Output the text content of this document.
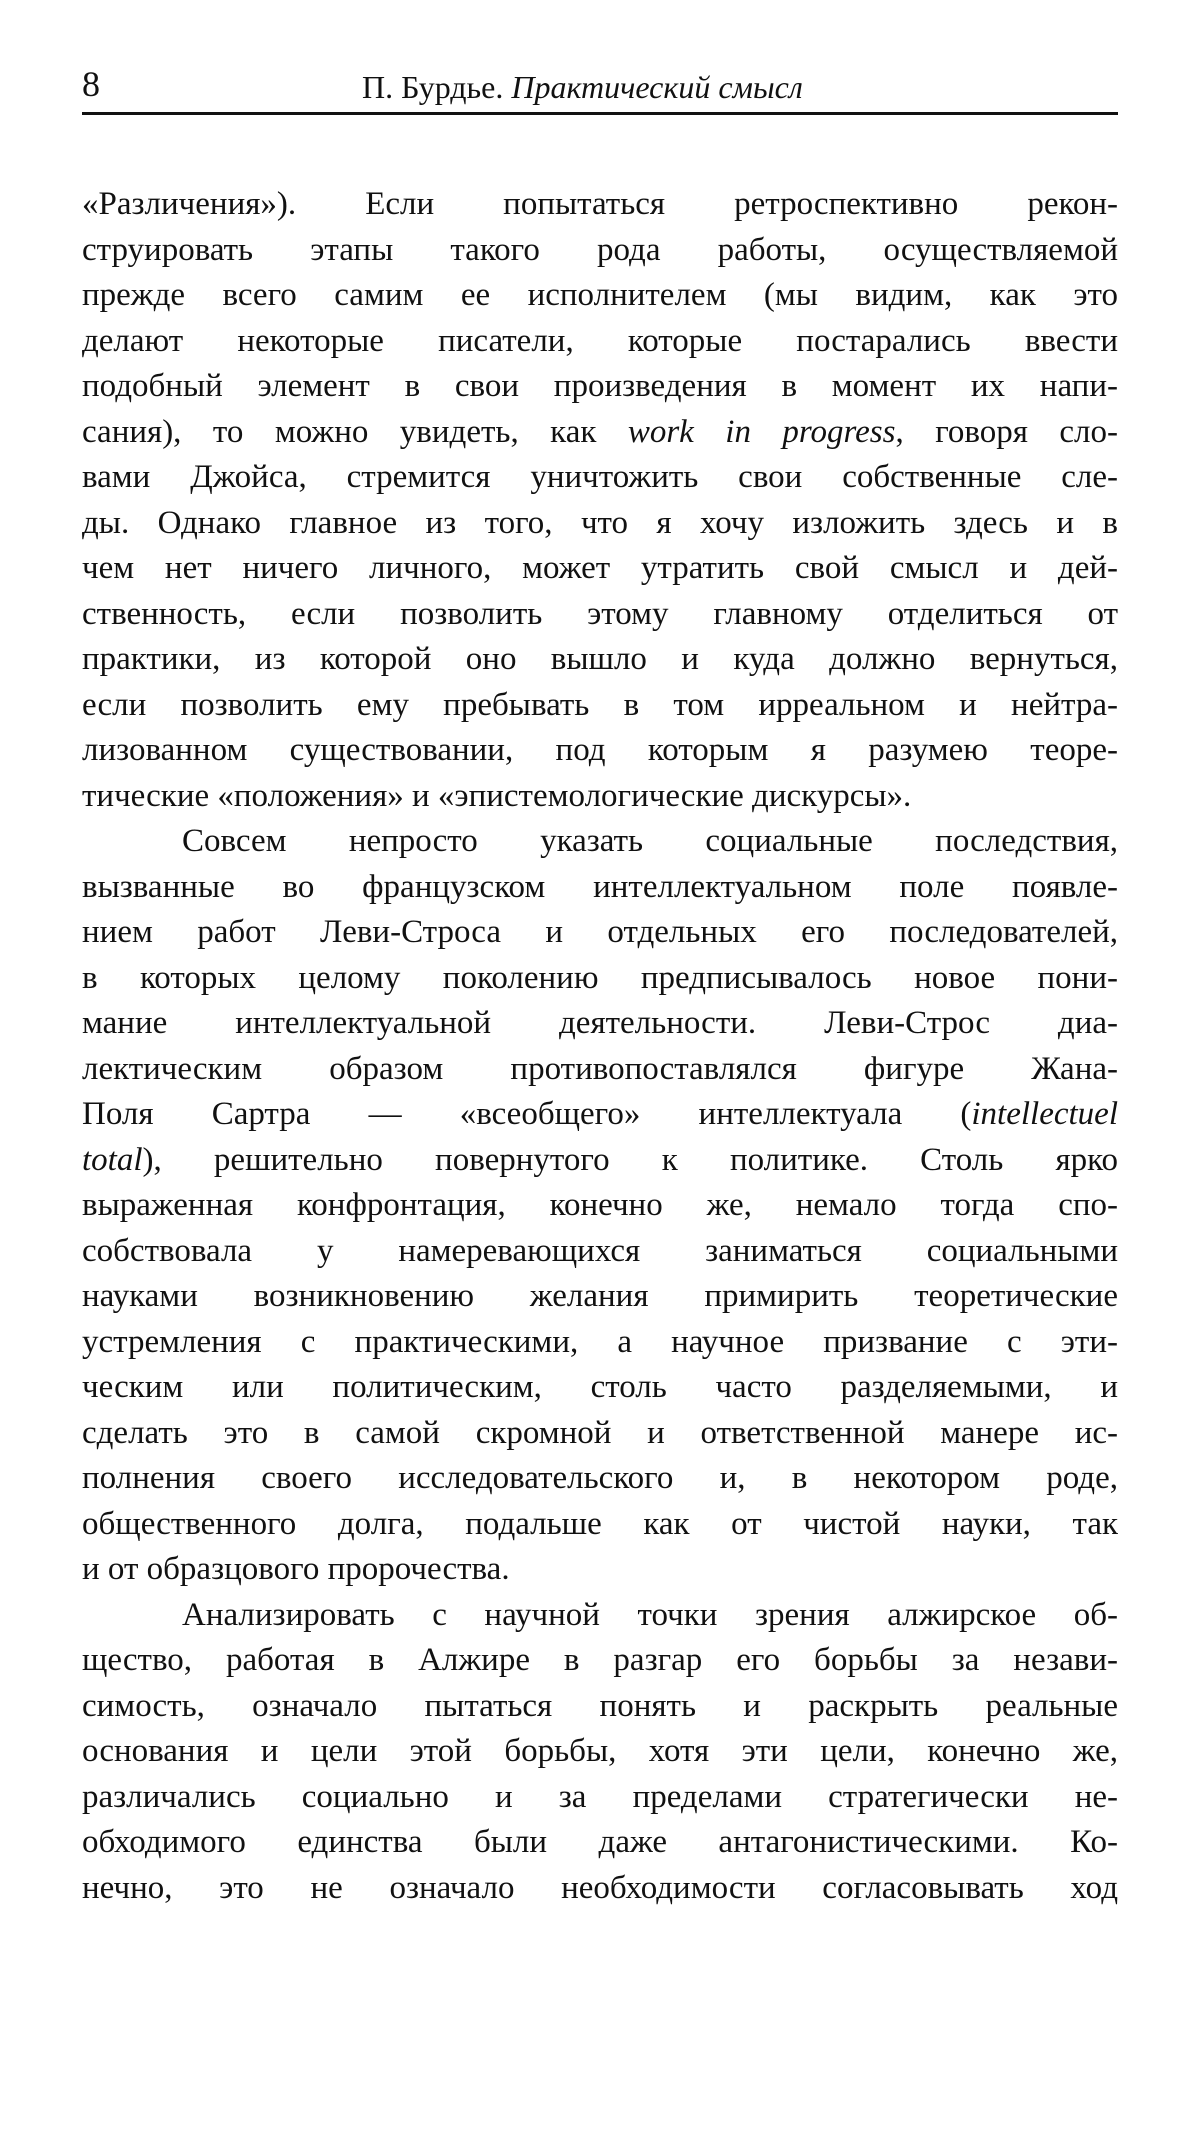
8	П. Бурдье. Практический смысл
«Различения»). Если попытаться ретроспективно рекон-
струировать этапы такого рода работы, осуществляемой
прежде всего самим ее исполнителем (мы видим, как это
делают некоторые писатели, которые постарались ввести
подобный элемент в свои произведения в момент их напи-
сания), то можно увидеть, как work in progress, говоря сло-
вами Джойса, стремится уничтожить свои собственные сле-
ды. Однако главное из того, что я хочу изложить здесь и в
чем нет ничего личного, может утратить свой смысл и дей-
ственность, если позволить этому главному отделиться от
практики, из которой оно вышло и куда должно вернуться,
если позволить ему пребывать в том ирреальном и нейтра-
лизованном существовании, под которым я разумею теоре-
тические «положения» и «эпистемологические дискурсы».
Совсем непросто указать социальные последствия,
вызванные во французском интеллектуальном поле появле-
нием работ Леви-Строса и отдельных его последователей,
в которых целому поколению предписывалось новое пони-
мание интеллектуальной деятельности. Леви-Строс диа-
лектическим образом противопоставлялся фигуре Жана-
Поля Сартра — «всеобщего» интеллектуала (intellectuel
total), решительно повернутого к политике. Столь ярко
выраженная конфронтация, конечно же, немало тогда спо-
собствовала у намеревающихся заниматься социальными
науками возникновению желания примирить теоретические
устремления с практическими, а научное призвание с эти-
ческим или политическим, столь часто разделяемыми, и
сделать это в самой скромной и ответственной манере ис-
полнения своего исследовательского и, в некотором роде,
общественного долга, подальше как от чистой науки, так
и от образцового пророчества.
Анализировать с научной точки зрения алжирское об-
щество, работая в Алжире в разгар его борьбы за незави-
симость, означало пытаться понять и раскрыть реальные
основания и цели этой борьбы, хотя эти цели, конечно же,
различались социально и за пределами стратегически не-
обходимого единства были даже антагонистическими. Ко-
нечно, это не означало необходимости согласовывать ход
